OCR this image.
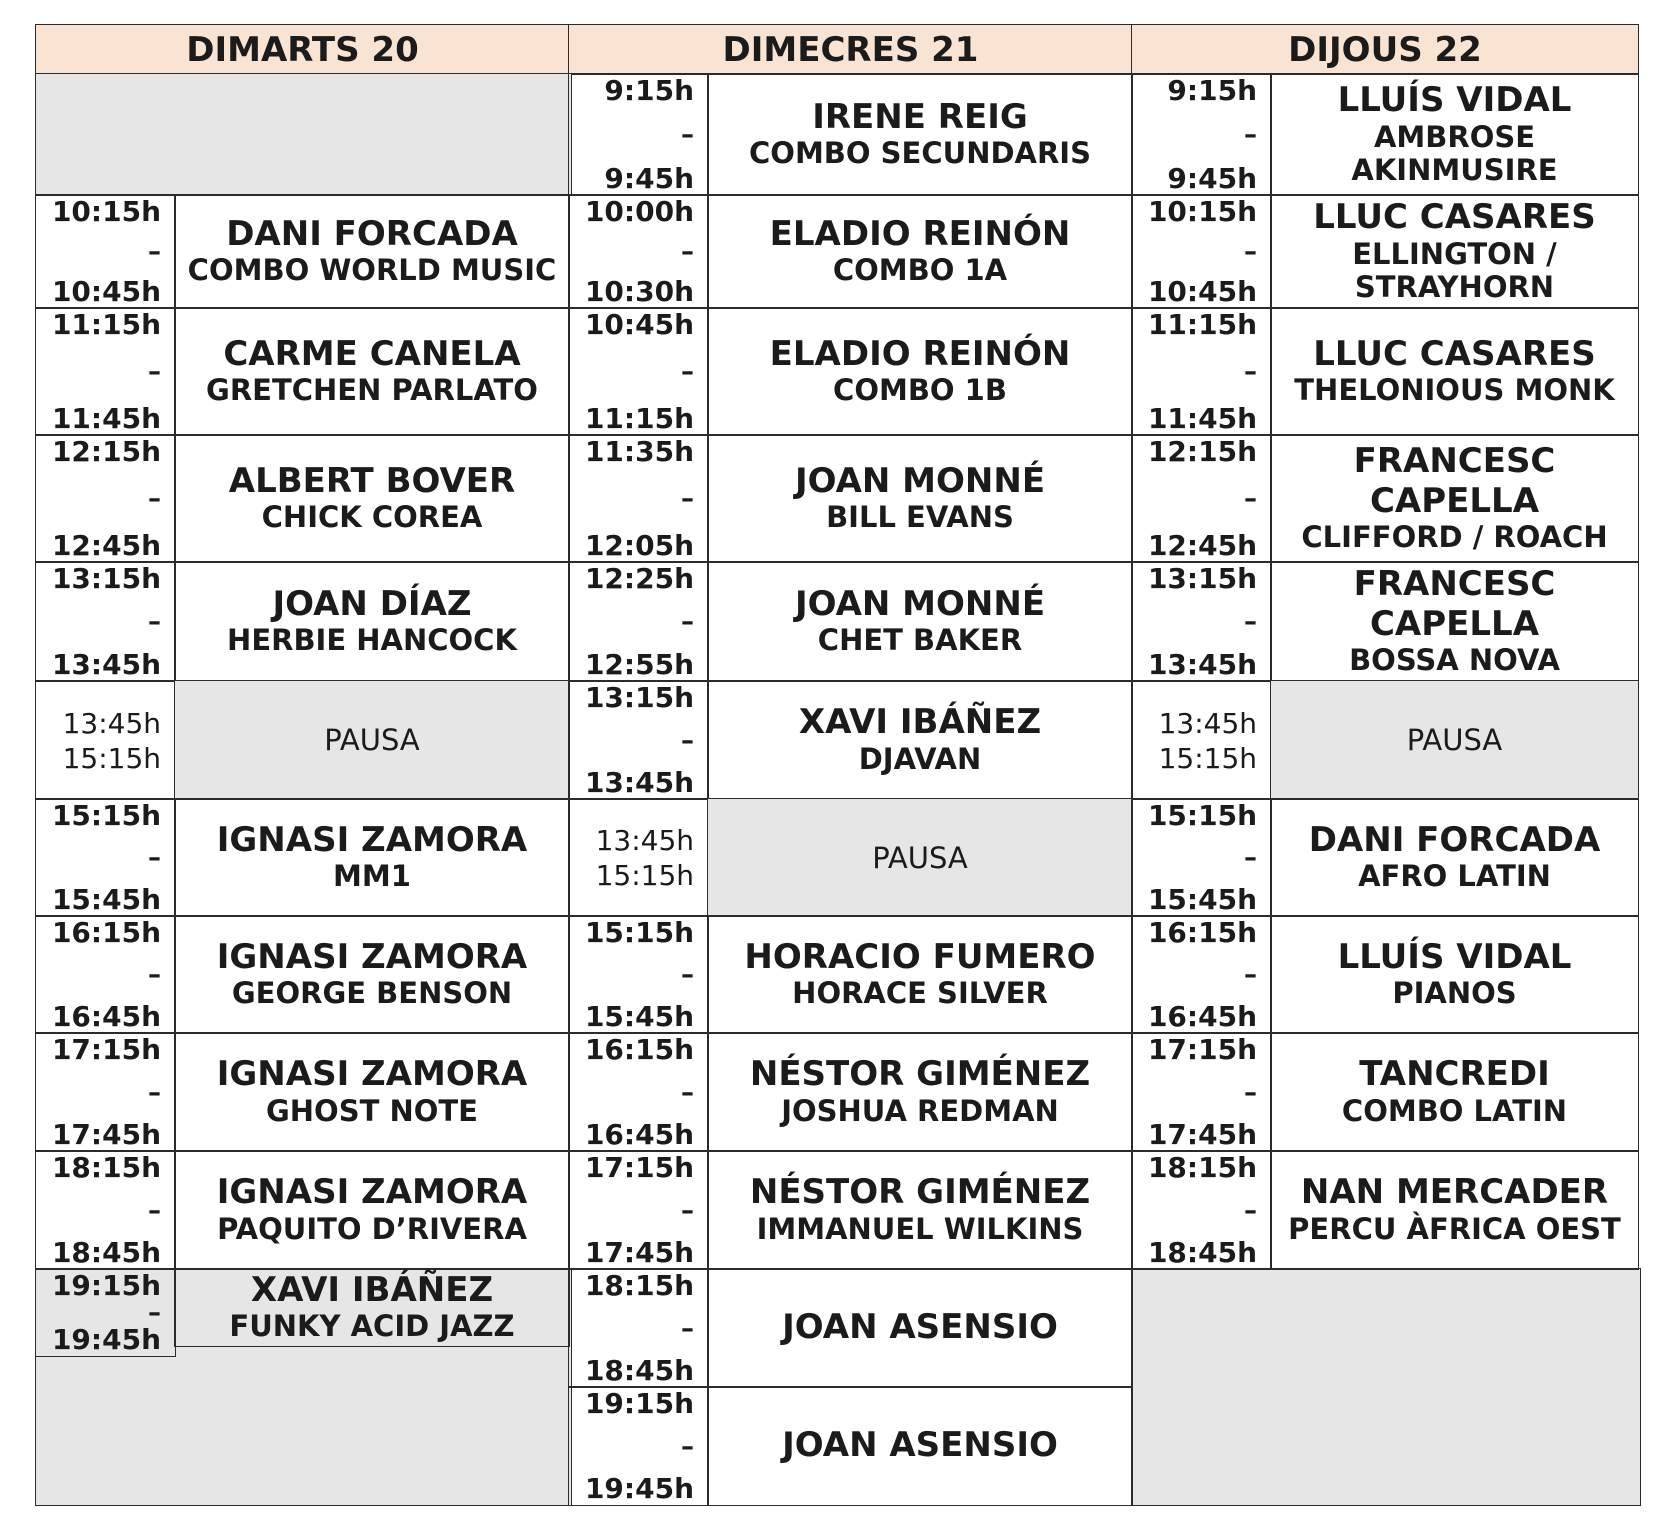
DIMARTS 20	DIMECRES 21	DIJOUS 22
10:15h
–
10:45h
DANI FORCADA
COMBO WORLD MUSIC
11:15h
–
11:45h
CARME CANELA
GRETCHEN PARLATO
12:15h
–
12:45h
ALBERT BOVER
CHICK COREA
13:15h
–
13:45h
JOAN DÍAZ
HERBIE HANCOCK
13:45h
15:15h
PAUSA
15:15h
–
15:45h
IGNASI ZAMORA
MM1
16:15h
–
16:45h
IGNASI ZAMORA
GEORGE BENSON
17:15h
–
17:45h
IGNASI ZAMORA
GHOST NOTE
18:15h
–
18:45h
IGNASI ZAMORA
PAQUITO D’RIVERA
19:15h
–
19:45h
XAVI IBÁÑEZ
FUNKY ACID JAZZ
9:15h
–
9:45h
IRENE REIG
COMBO SECUNDARIS
10:00h
–
10:30h
ELADIO REINÓN
COMBO 1A
10:45h
–
11:15h
ELADIO REINÓN
COMBO 1B
11:35h
–
12:05h
JOAN MONNÉ
BILL EVANS
12:25h
–
12:55h
JOAN MONNÉ
CHET BAKER
13:15h
–
13:45h
XAVI IBÁÑEZ
DJAVAN
13:45h
15:15h
PAUSA
15:15h
–
15:45h
HORACIO FUMERO
HORACE SILVER
16:15h
–
16:45h
NÉSTOR GIMÉNEZ
JOSHUA REDMAN
17:15h
–
17:45h
NÉSTOR GIMÉNEZ
IMMANUEL WILKINS
18:15h
–
18:45h
JOAN ASENSIO
19:15h
–
19:45h
JOAN ASENSIO
9:15h
–
9:45h
LLUÍS VIDAL
AMBROSE AKINMUSIRE
10:15h
–
10:45h
LLUC CASARES
ELLINGTON / STRAYHORN
11:15h
–
11:45h
LLUC CASARES
THELONIOUS MONK
12:15h
–
12:45h
FRANCESC CAPELLA
CLIFFORD / ROACH
13:15h
–
13:45h
FRANCESC CAPELLA
BOSSA NOVA
13:45h
15:15h
PAUSA
15:15h
–
15:45h
DANI FORCADA
AFRO LATIN
16:15h
–
16:45h
LLUÍS VIDAL
PIANOS
17:15h
–
17:45h
TANCREDI
COMBO LATIN
18:15h
–
18:45h
NAN MERCADER
PERCU ÀFRICA OEST
